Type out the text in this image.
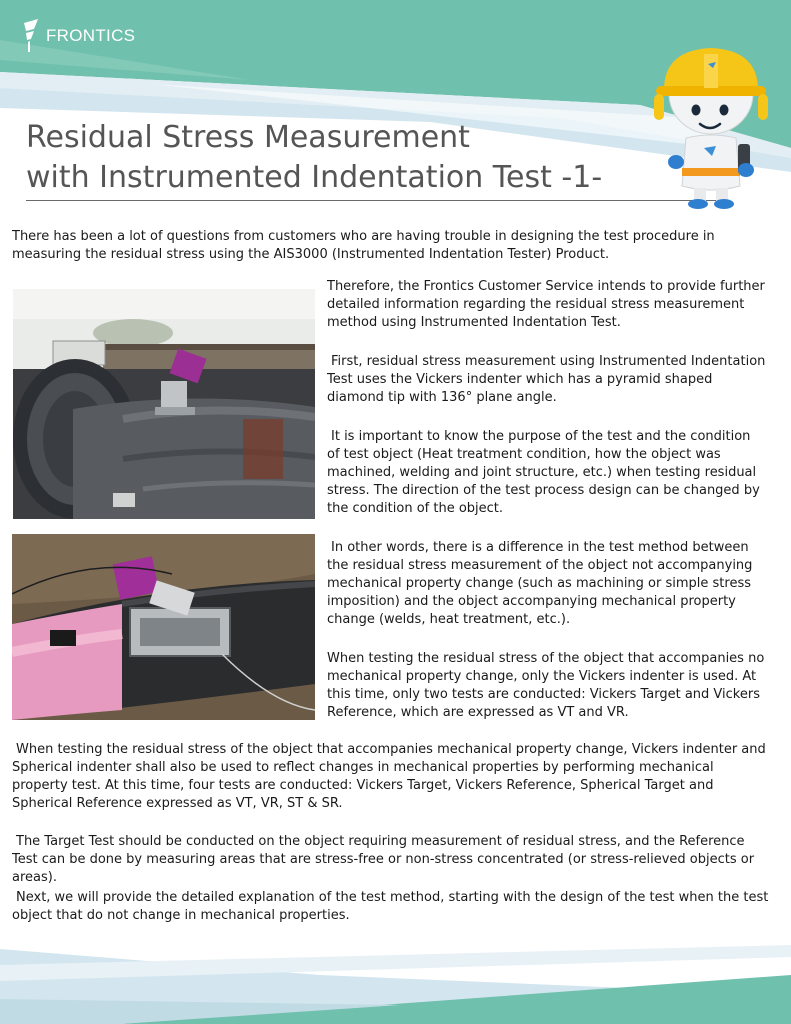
FRONTICS
Residual Stress Measurement
with Instrumented Indentation Test -1-

There has been a lot of questions from customers who are having trouble in designing the test procedure in measuring the residual stress using the AIS3000 (Instrumented Indentation Tester) Product.

Therefore, the Frontics Customer Service intends to provide further detailed information regarding the residual stress measurement method using Instrumented Indentation Test.

First, residual stress measurement using Instrumented Indentation Test uses the Vickers indenter which has a pyramid shaped diamond tip with 136° plane angle.

It is important to know the purpose of the test and the condition of test object (Heat treatment condition, how the object was machined, welding and joint structure, etc.) when testing residual stress. The direction of the test process design can be changed by the condition of the object.

In other words, there is a difference in the test method between the residual stress measurement of the object not accompanying mechanical property change (such as machining or simple stress imposition) and the object accompanying mechanical property change (welds, heat treatment, etc.).

When testing the residual stress of the object that accompanies no mechanical property change, only the Vickers indenter is used. At this time, only two tests are conducted: Vickers Target and Vickers Reference, which are expressed as VT and VR.

When testing the residual stress of the object that accompanies mechanical property change, Vickers indenter and Spherical indenter shall also be used to reflect changes in mechanical properties by performing mechanical property test. At this time, four tests are conducted: Vickers Target, Vickers Reference, Spherical Target and Spherical Reference expressed as VT, VR, ST & SR.

The Target Test should be conducted on the object requiring measurement of residual stress, and the Reference Test can be done by measuring areas that are stress-free or non-stress concentrated (or stress-relieved objects or areas).

Next, we will provide the detailed explanation of the test method, starting with the design of the test when the test object that do not change in mechanical properties.
